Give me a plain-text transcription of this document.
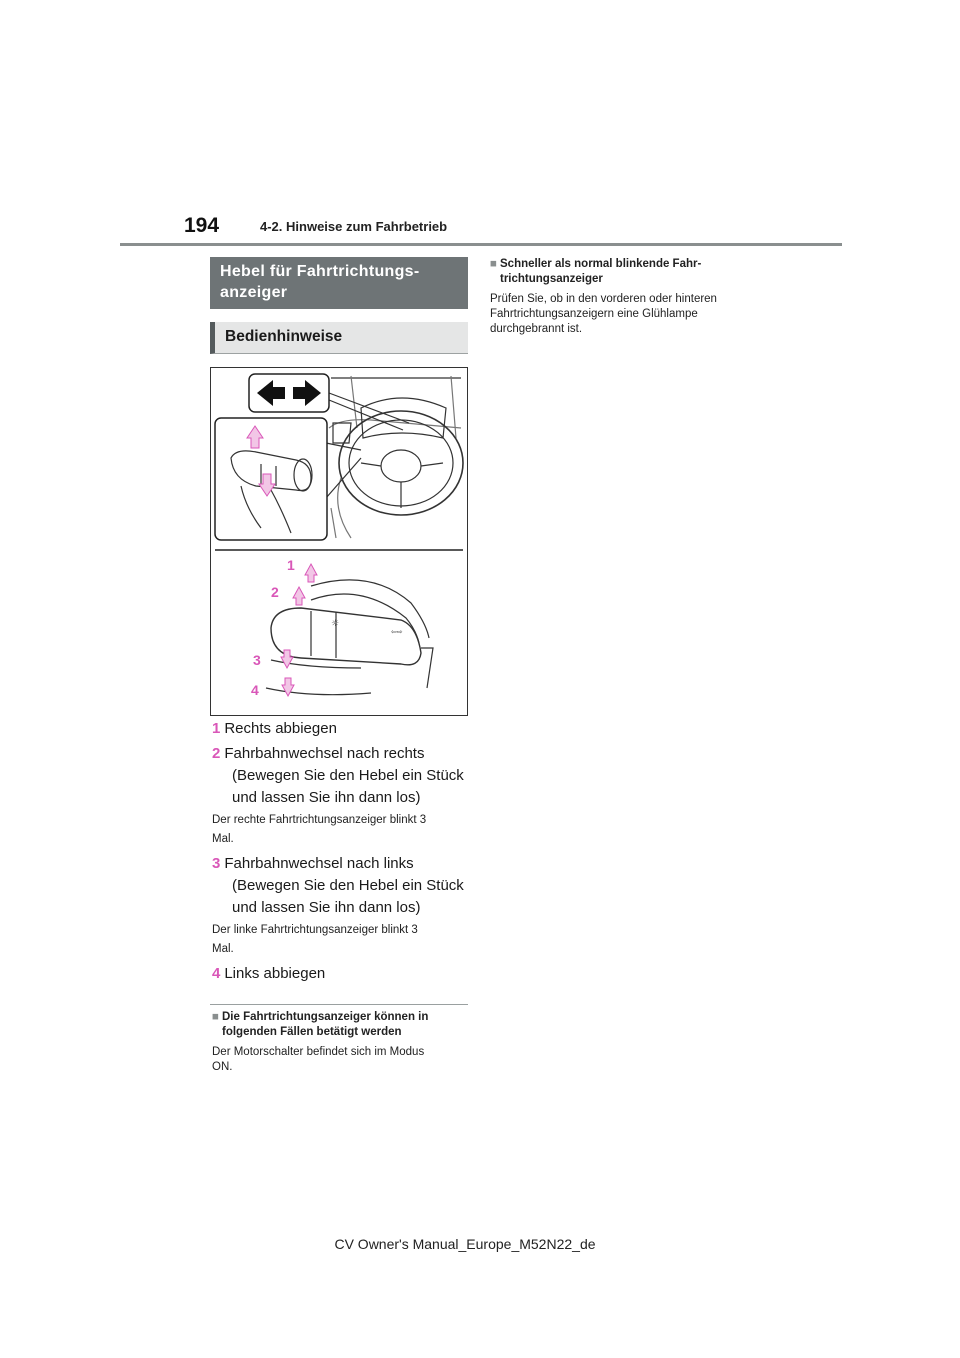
194	4-2. Hinweise zum Fahrbetrieb
Hebel für Fahrtrichtungs-
anzeiger
Bedienhinweise
☼
⇦⇨
1
2
3
4
1 Rechts abbiegen
2 Fahrbahnwechsel nach rechts
(Bewegen Sie den Hebel ein Stück
und lassen Sie ihn dann los)
Der rechte Fahrtrichtungsanzeiger blinkt 3
Mal.
3 Fahrbahnwechsel nach links
(Bewegen Sie den Hebel ein Stück
und lassen Sie ihn dann los)
Der linke Fahrtrichtungsanzeiger blinkt 3
Mal.
4 Links abbiegen
■ Die Fahrtrichtungsanzeiger können in
folgenden Fällen betätigt werden
Der Motorschalter befindet sich im Modus
ON.
■ Schneller als normal blinkende Fahr-
trichtungsanzeiger
Prüfen Sie, ob in den vorderen oder hinteren
Fahrtrichtungsanzeigern eine Glühlampe
durchgebrannt ist.
CV Owner's Manual_Europe_M52N22_de
